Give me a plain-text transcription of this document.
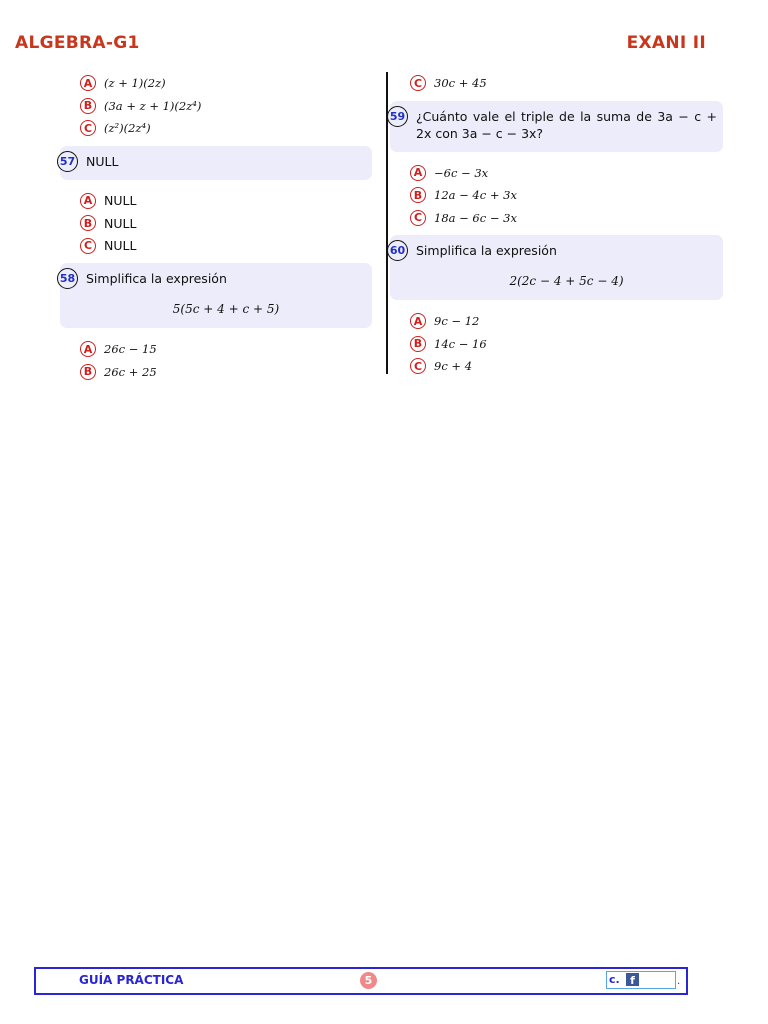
ALGEBRA-G1	EXANI II
A	(z + 1)(2z)
B	(3a + z + 1)(2z⁴)
C	(z²)(2z⁴)
57 NULL
A NULL
B NULL
C NULL
58 Simplifica la expresión
5(5c + 4 + c + 5)
A	26c − 15
B	26c + 25
C	30c + 45
59 ¿Cuánto vale el triple de la suma de 3a − c + 2x con 3a − c − 3x?
A	−6c − 3x
B	12a − 4c + 3x
C	18a − 6c − 3x
60 Simplifica la expresión
2(2c − 4 + 5c − 4)
A	9c − 12
B	14c − 16
C	9c + 4
GUÍA PRÁCTICA	5	c. f	.
